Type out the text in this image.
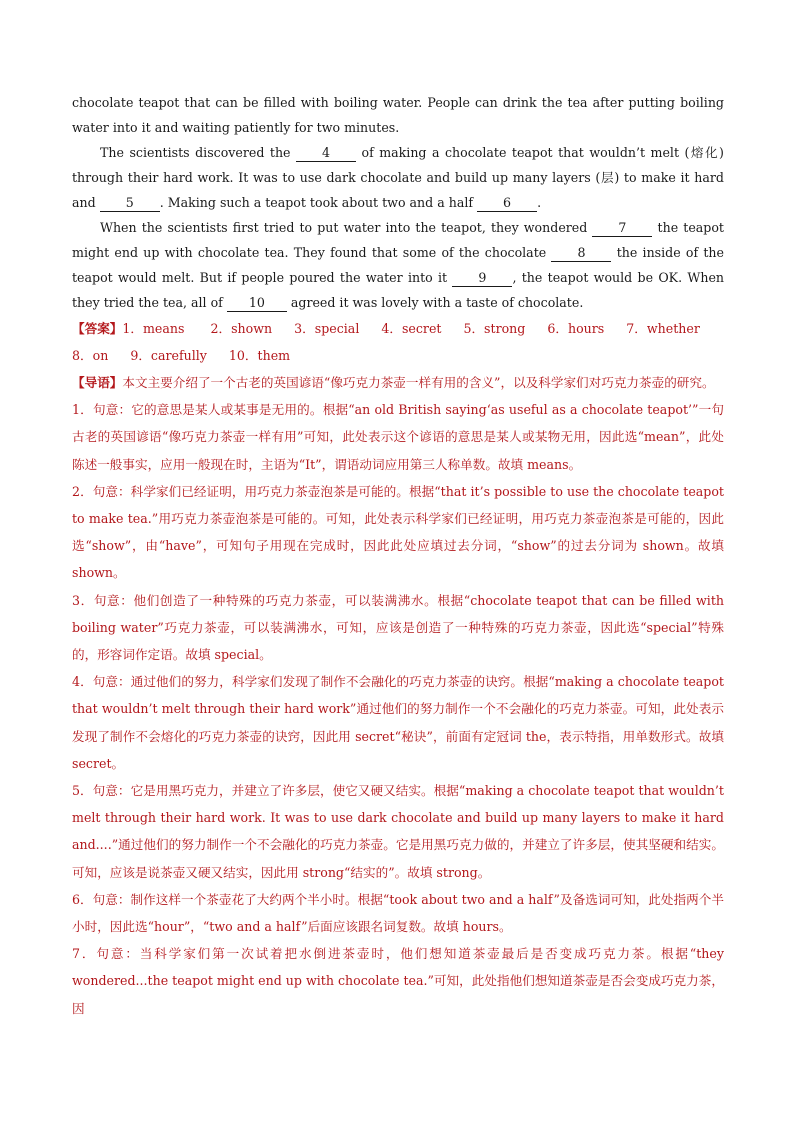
chocolate teapot that can be filled with boiling water. People can drink the tea after putting boiling water into it and waiting patiently for two minutes.

The scientists discovered the 4 of making a chocolate teapot that wouldn’t melt (熔化) through their hard work. It was to use dark chocolate and build up many layers (层) to make it hard and 5 . Making such a teapot took about two and a half 6 .

When the scientists first tried to put water into the teapot, they wondered 7 the teapot might end up with chocolate tea. They found that some of the chocolate 8 the inside of the teapot would melt. But if people poured the water into it 9 , the teapot would be OK. When they tried the tea, all of 10 agreed it was lovely with a taste of chocolate.

【答案】1．means 2．shown 3．special 4．secret 5．strong 6．hours 7．whether

8．on 9．carefully 10．them

【导语】本文主要介绍了一个古老的英国谚语“像巧克力茶壶一样有用的含义”，以及科学家们对巧克力茶壶的研究。

1．句意：它的意思是某人或某事是无用的。根据“an old British saying‘as useful as a chocolate teapot’”一句古老的英国谚语“像巧克力茶壶一样有用”可知，此处表示这个谚语的意思是某人或某物无用，因此选“mean”，此处陈述一般事实，应用一般现在时，主语为“It”，谓语动词应用第三人称单数。故填 means。

2．句意：科学家们已经证明，用巧克力茶壶泡茶是可能的。根据“that it’s possible to use the chocolate teapot to make tea.”用巧克力茶壶泡茶是可能的。可知，此处表示科学家们已经证明，用巧克力茶壶泡茶是可能的，因此选“show”，由“have”，可知句子用现在完成时，因此此处应填过去分词，“show”的过去分词为 shown。故填 shown。

3．句意：他们创造了一种特殊的巧克力茶壶，可以装满沸水。根据“chocolate teapot that can be filled with boiling water”巧克力茶壶，可以装满沸水，可知，应该是创造了一种特殊的巧克力茶壶，因此选“special”特殊的，形容词作定语。故填 special。

4．句意：通过他们的努力，科学家们发现了制作不会融化的巧克力茶壶的诀窍。根据“making a chocolate teapot that wouldn’t melt through their hard work”通过他们的努力制作一个不会融化的巧克力茶壶。可知，此处表示发现了制作不会熔化的巧克力茶壶的诀窍，因此用 secret“秘诀”，前面有定冠词 the，表示特指，用单数形式。故填 secret。

5．句意：它是用黑巧克力，并建立了许多层，使它又硬又结实。根据“making a chocolate teapot that wouldn’t melt through their hard work. It was to use dark chocolate and build up many layers to make it hard and....”通过他们的努力制作一个不会融化的巧克力茶壶。它是用黑巧克力做的，并建立了许多层，使其坚硬和结实。可知，应该是说茶壶又硬又结实，因此用 strong“结实的”。故填 strong。

6．句意：制作这样一个茶壶花了大约两个半小时。根据“took about two and a half”及备选词可知，此处指两个半小时，因此选“hour”，“two and a half”后面应该跟名词复数。故填 hours。

7．句意：当科学家们第一次试着把水倒进茶壶时，他们想知道茶壶最后是否变成巧克力茶。根据“they wondered...the teapot might end up with chocolate tea.”可知，此处指他们想知道茶壶是否会变成巧克力茶，因
